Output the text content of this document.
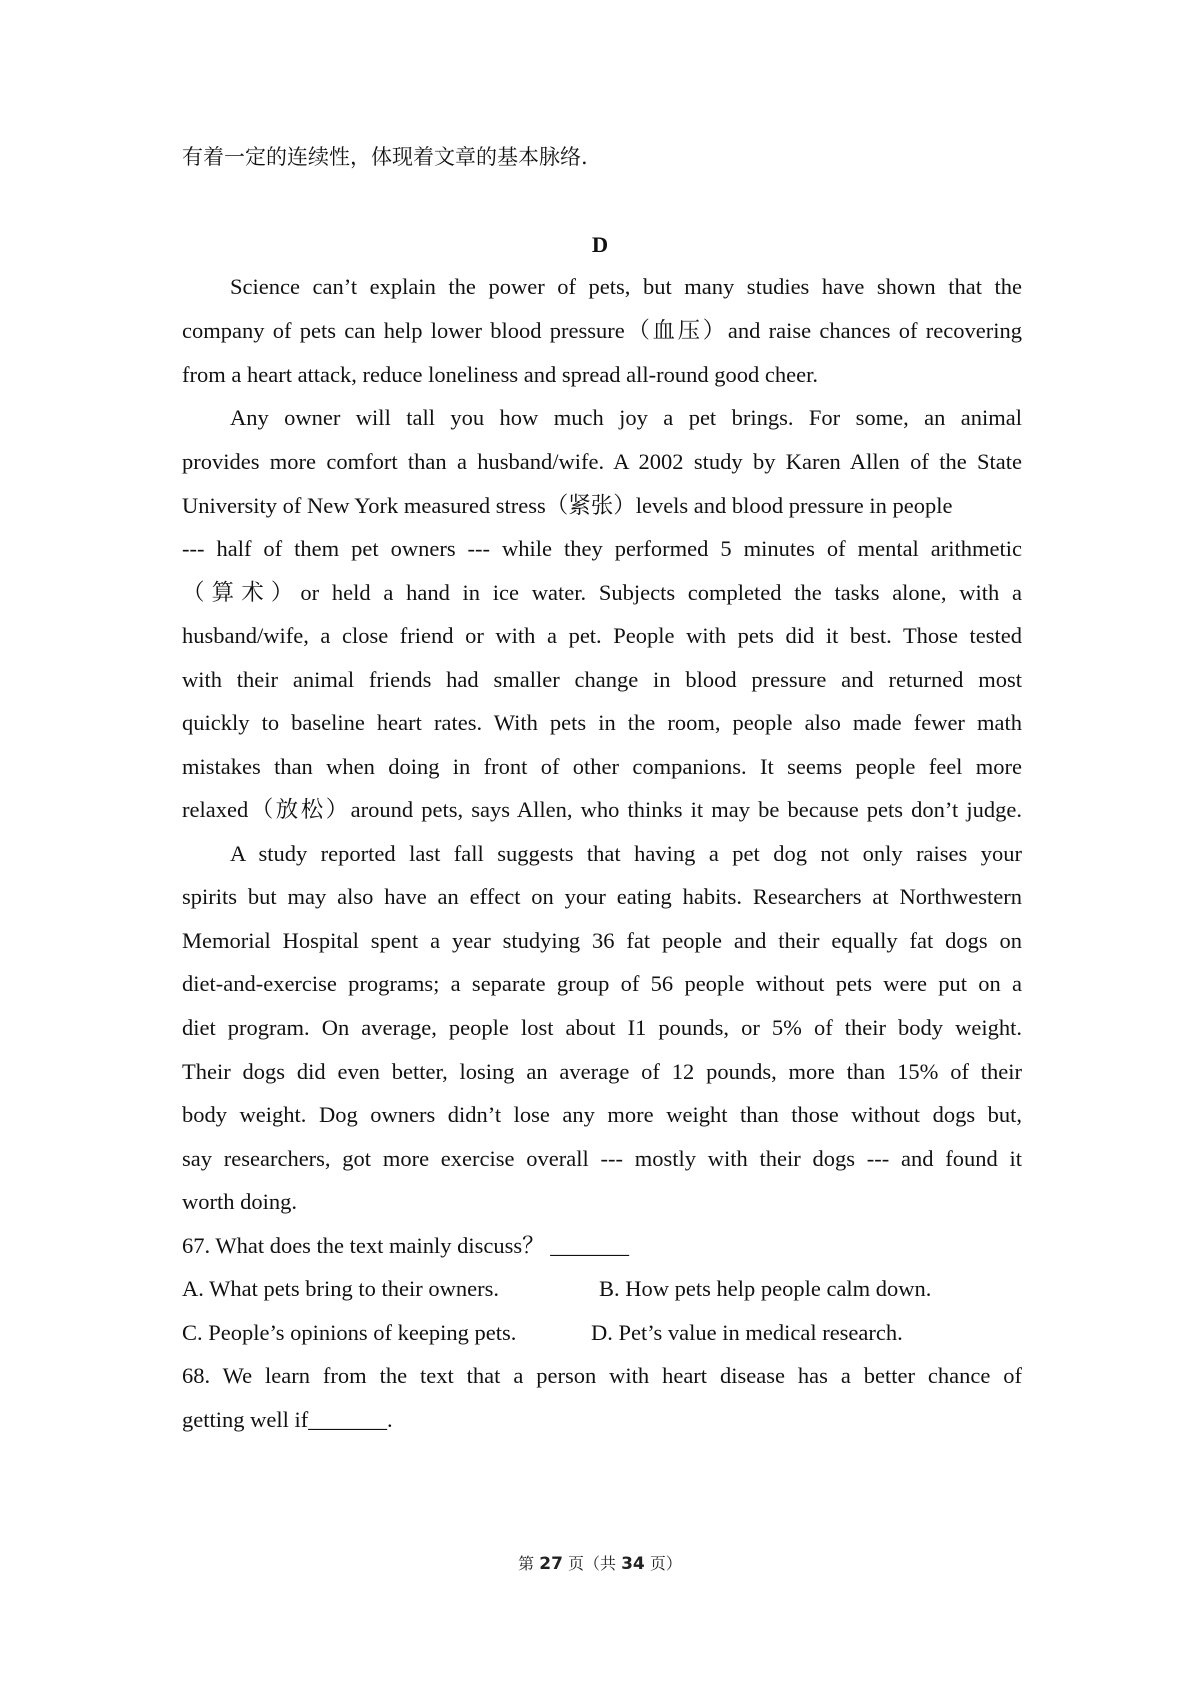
有着一定的连续性，体现着文章的基本脉络.
D
Science can’t explain the power of pets, but many studies have shown that the
company of pets can help lower blood pressure（血压）and raise chances of recovering
from a heart attack, reduce loneliness and spread all-round good cheer.
Any owner will tall you how much joy a pet brings. For some, an animal
provides more comfort than a husband/wife. A 2002 study by Karen Allen of the State
University of New York measured stress（紧张）levels and blood pressure in people
--- half of them pet owners --- while they performed 5 minutes of mental arithmetic
（算术）or held a hand in ice water. Subjects completed the tasks alone, with a
husband/wife, a close friend or with a pet. People with pets did it best. Those tested
with their animal friends had smaller change in blood pressure and returned most
quickly to baseline heart rates. With pets in the room, people also made fewer math
mistakes than when doing in front of other companions. It seems people feel more
relaxed（放松）around pets, says Allen, who thinks it may be because pets don’t judge.
A study reported last fall suggests that having a pet dog not only raises your
spirits but may also have an effect on your eating habits. Researchers at Northwestern
Memorial Hospital spent a year studying 36 fat people and their equally fat dogs on
diet-and-exercise programs; a separate group of 56 people without pets were put on a
diet program. On average, people lost about I1 pounds, or 5% of their body weight.
Their dogs did even better, losing an average of 12 pounds, more than 15% of their
body weight. Dog owners didn’t lose any more weight than those without dogs but,
say researchers, got more exercise overall --- mostly with their dogs --- and found it
worth doing.
67. What does the text mainly discuss？ _______
A. What pets bring to their owners.	B. How pets help people calm down.
C. People’s opinions of keeping pets.	D. Pet’s value in medical research.
68. We learn from the text that a person with heart disease has a better chance of
getting well if_______.
第 27 页（共 34 页）
